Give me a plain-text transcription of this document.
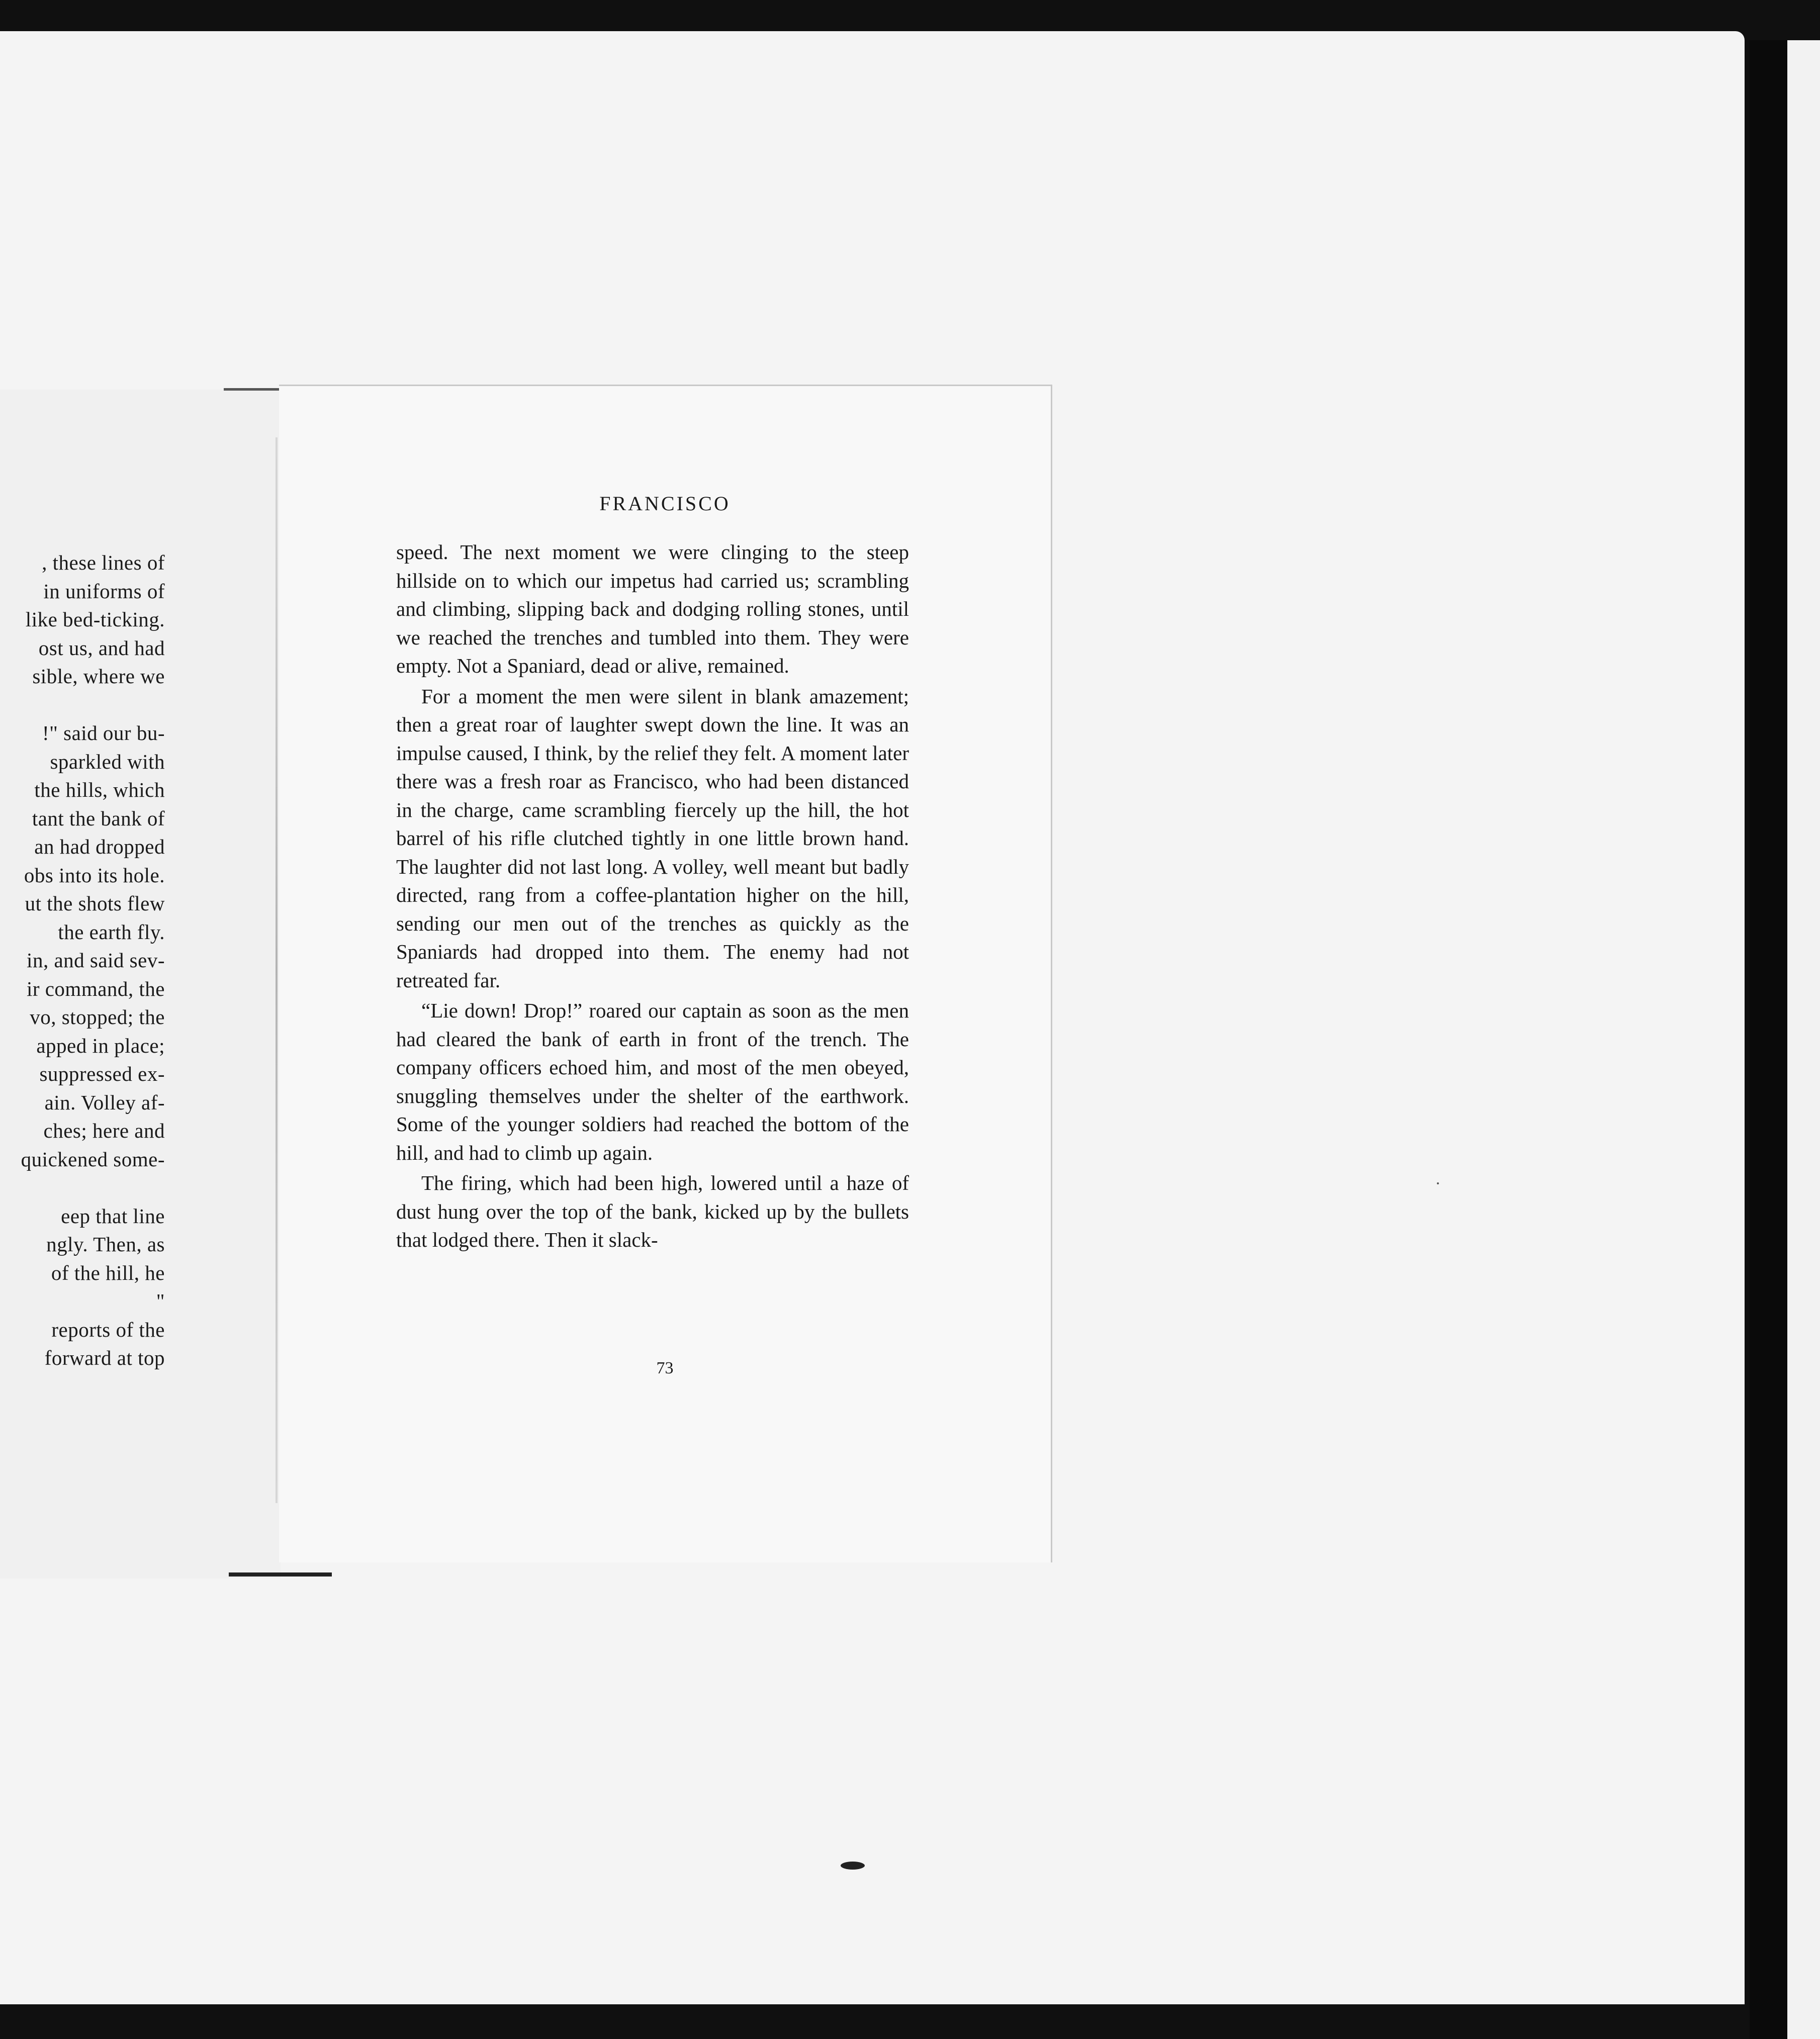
, these lines of
in uniforms of
like bed-ticking.
ost us, and had
sible, where we
!" said our bu-
sparkled with
the hills, which
tant the bank of
an had dropped
obs into its hole.
ut the shots flew
the earth fly.
in, and said sev-
ir command, the
vo, stopped; the
apped in place;
suppressed ex-
ain. Volley af-
ches; here and
quickened some-
eep that line
ngly. Then, as
of the hill, he
"
reports of the
forward at top
FRANCISCO

speed. The next moment we were clinging to the steep hillside on to which our impetus had carried us; scrambling and climbing, slipping back and dodging rolling stones, until we reached the trenches and tumbled into them. They were empty. Not a Spaniard, dead or alive, remained.

For a moment the men were silent in blank amazement; then a great roar of laughter swept down the line. It was an impulse caused, I think, by the relief they felt. A moment later there was a fresh roar as Francisco, who had been distanced in the charge, came scrambling fiercely up the hill, the hot barrel of his rifle clutched tightly in one little brown hand. The laughter did not last long. A volley, well meant but badly directed, rang from a coffee-plantation higher on the hill, sending our men out of the trenches as quickly as the Spaniards had dropped into them. The enemy had not retreated far.

“Lie down! Drop!” roared our captain as soon as the men had cleared the bank of earth in front of the trench. The company officers echoed him, and most of the men obeyed, snuggling themselves under the shelter of the earthwork. Some of the younger soldiers had reached the bottom of the hill, and had to climb up again.

The firing, which had been high, lowered until a haze of dust hung over the top of the bank, kicked up by the bullets that lodged there. Then it slack-

73
